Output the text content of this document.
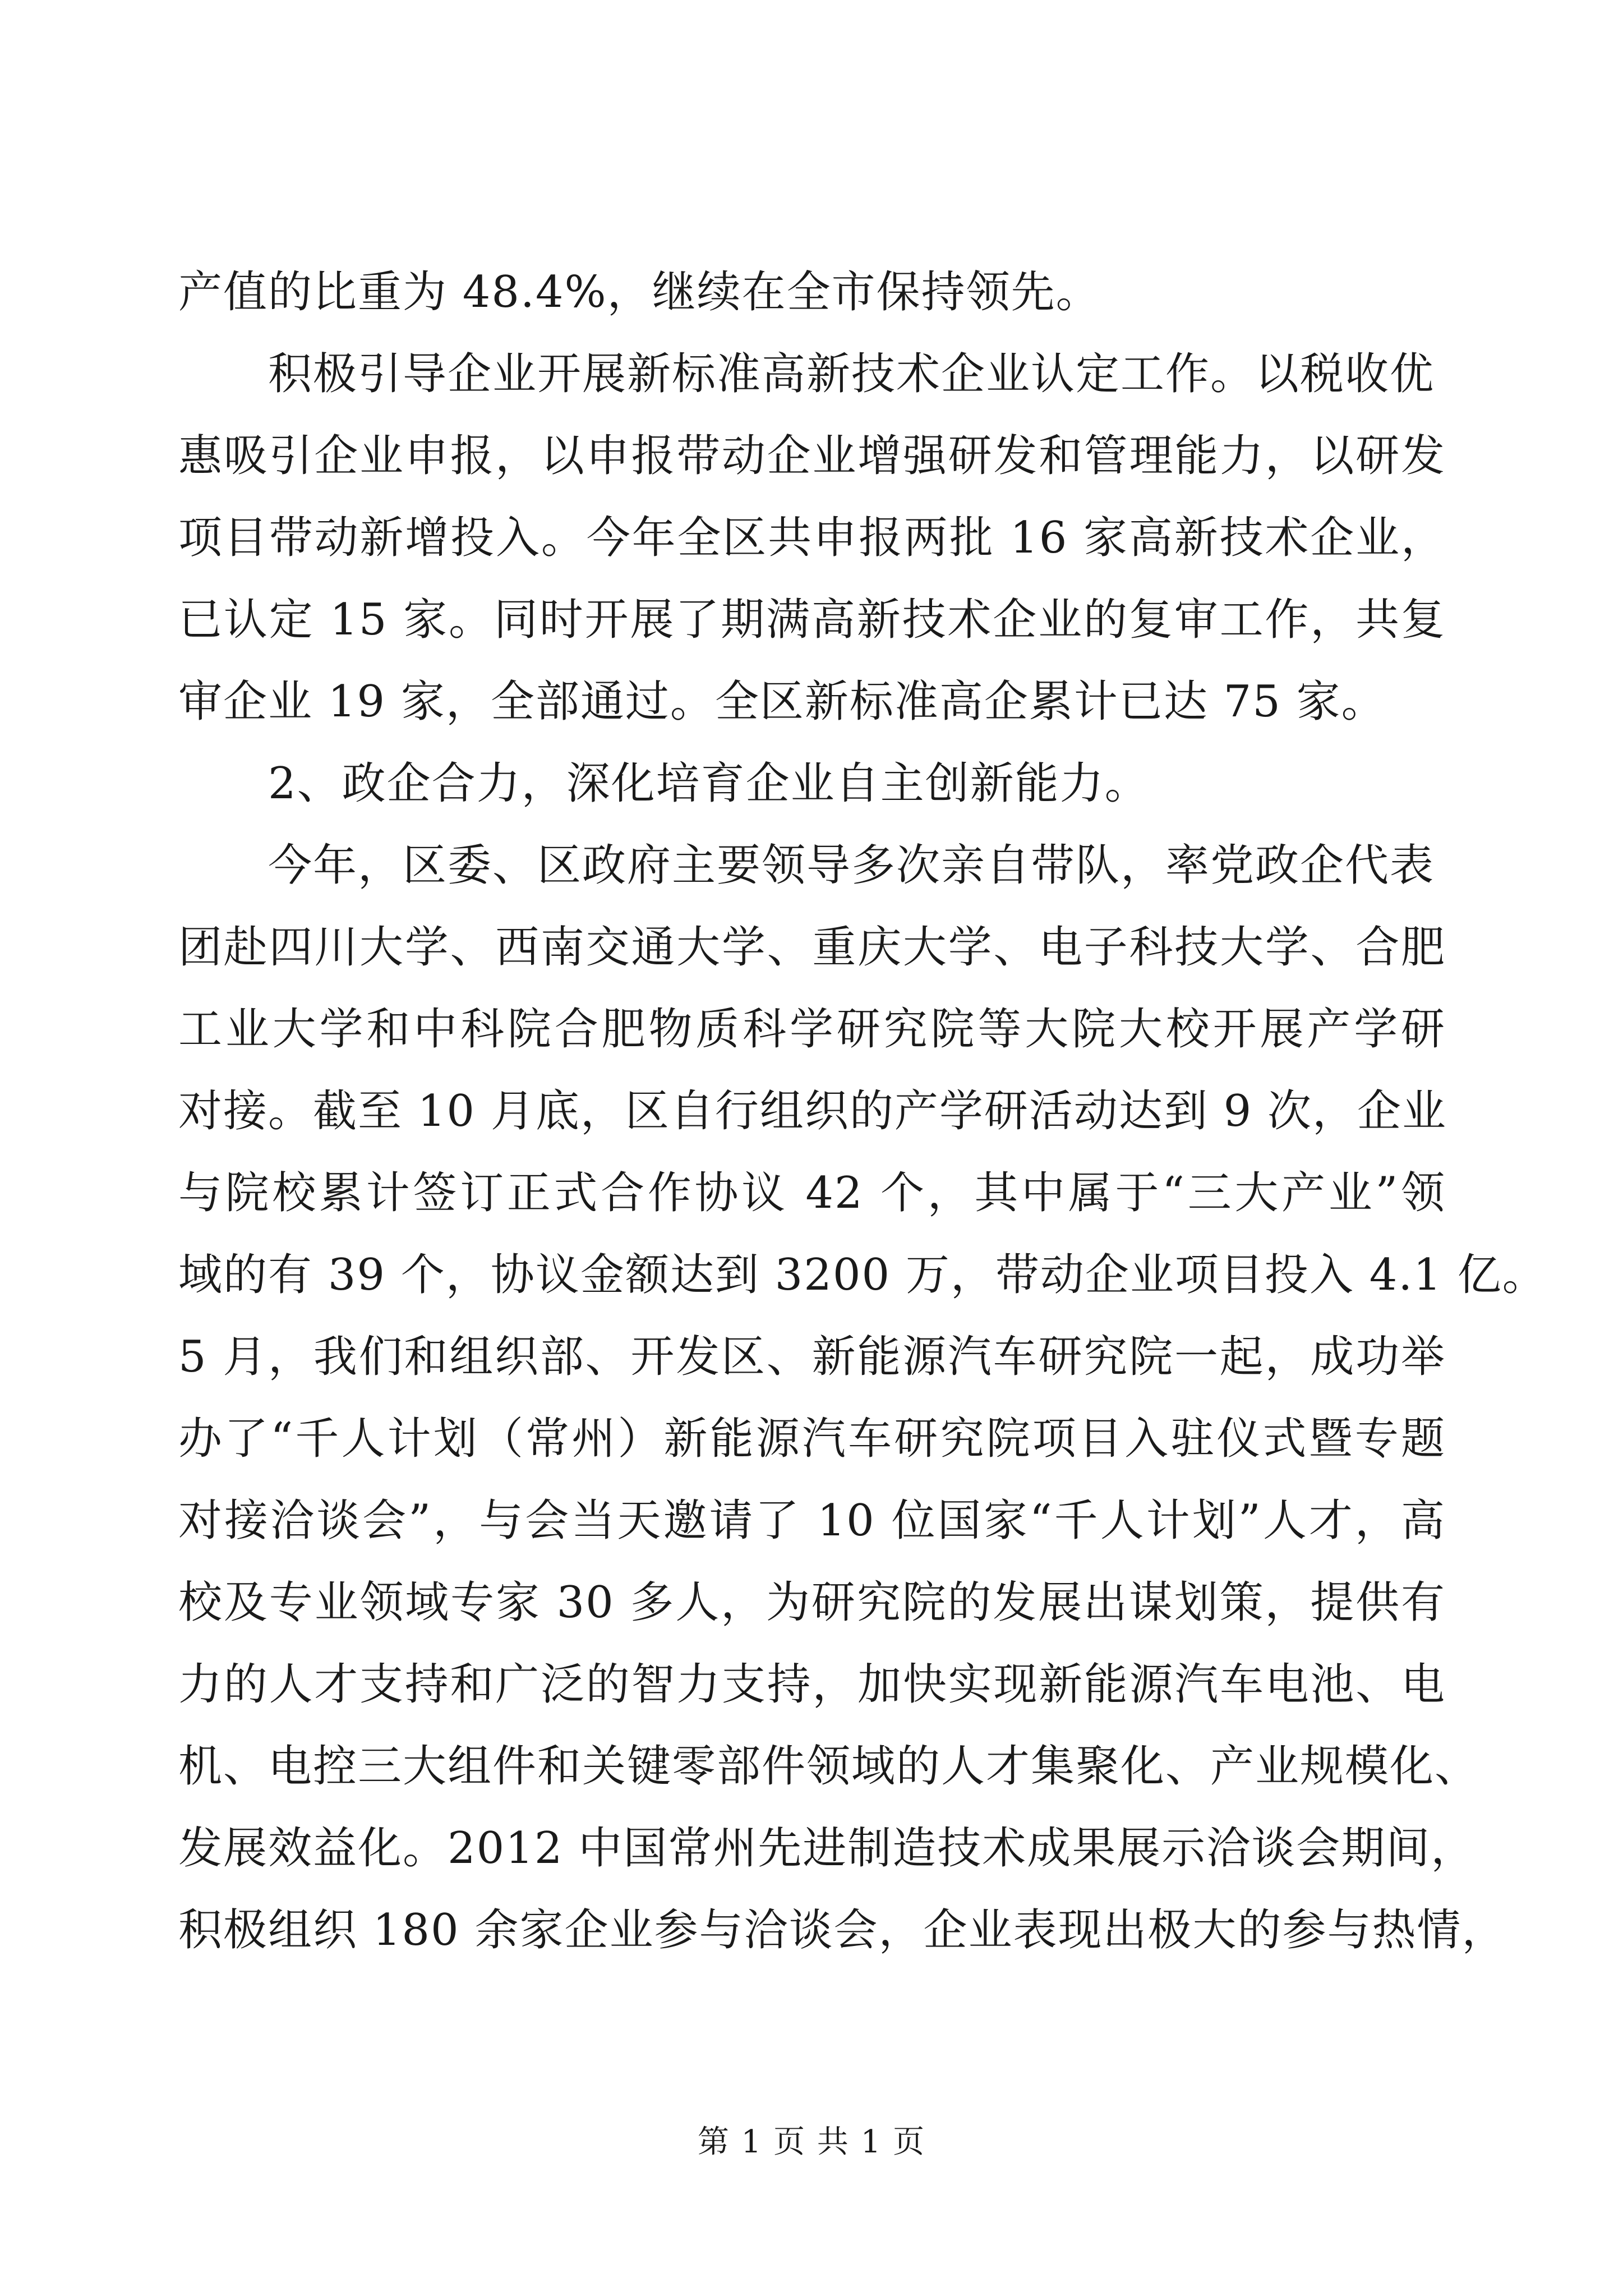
产值的比重为 48.4%，继续在全市保持领先。
积极引导企业开展新标准高新技术企业认定工作。以税收优
惠吸引企业申报，以申报带动企业增强研发和管理能力，以研发
项目带动新增投入。今年全区共申报两批 16 家高新技术企业，
已认定 15 家。同时开展了期满高新技术企业的复审工作，共复
审企业 19 家，全部通过。全区新标准高企累计已达 75 家。
2、政企合力，深化培育企业自主创新能力。
今年，区委、区政府主要领导多次亲自带队，率党政企代表
团赴四川大学、西南交通大学、重庆大学、电子科技大学、合肥
工业大学和中科院合肥物质科学研究院等大院大校开展产学研
对接。截至 10 月底，区自行组织的产学研活动达到 9 次，企业
与院校累计签订正式合作协议 42 个，其中属于“三大产业”领
域的有 39 个，协议金额达到 3200 万，带动企业项目投入 4.1 亿。
5 月，我们和组织部、开发区、新能源汽车研究院一起，成功举
办了“千人计划（常州）新能源汽车研究院项目入驻仪式暨专题
对接洽谈会”，与会当天邀请了 10 位国家“千人计划”人才，高
校及专业领域专家 30 多人，为研究院的发展出谋划策，提供有
力的人才支持和广泛的智力支持，加快实现新能源汽车电池、电
机、电控三大组件和关键零部件领域的人才集聚化、产业规模化、
发展效益化。2012 中国常州先进制造技术成果展示洽谈会期间，
积极组织 180 余家企业参与洽谈会，企业表现出极大的参与热情，
第 1 页 共 1 页
